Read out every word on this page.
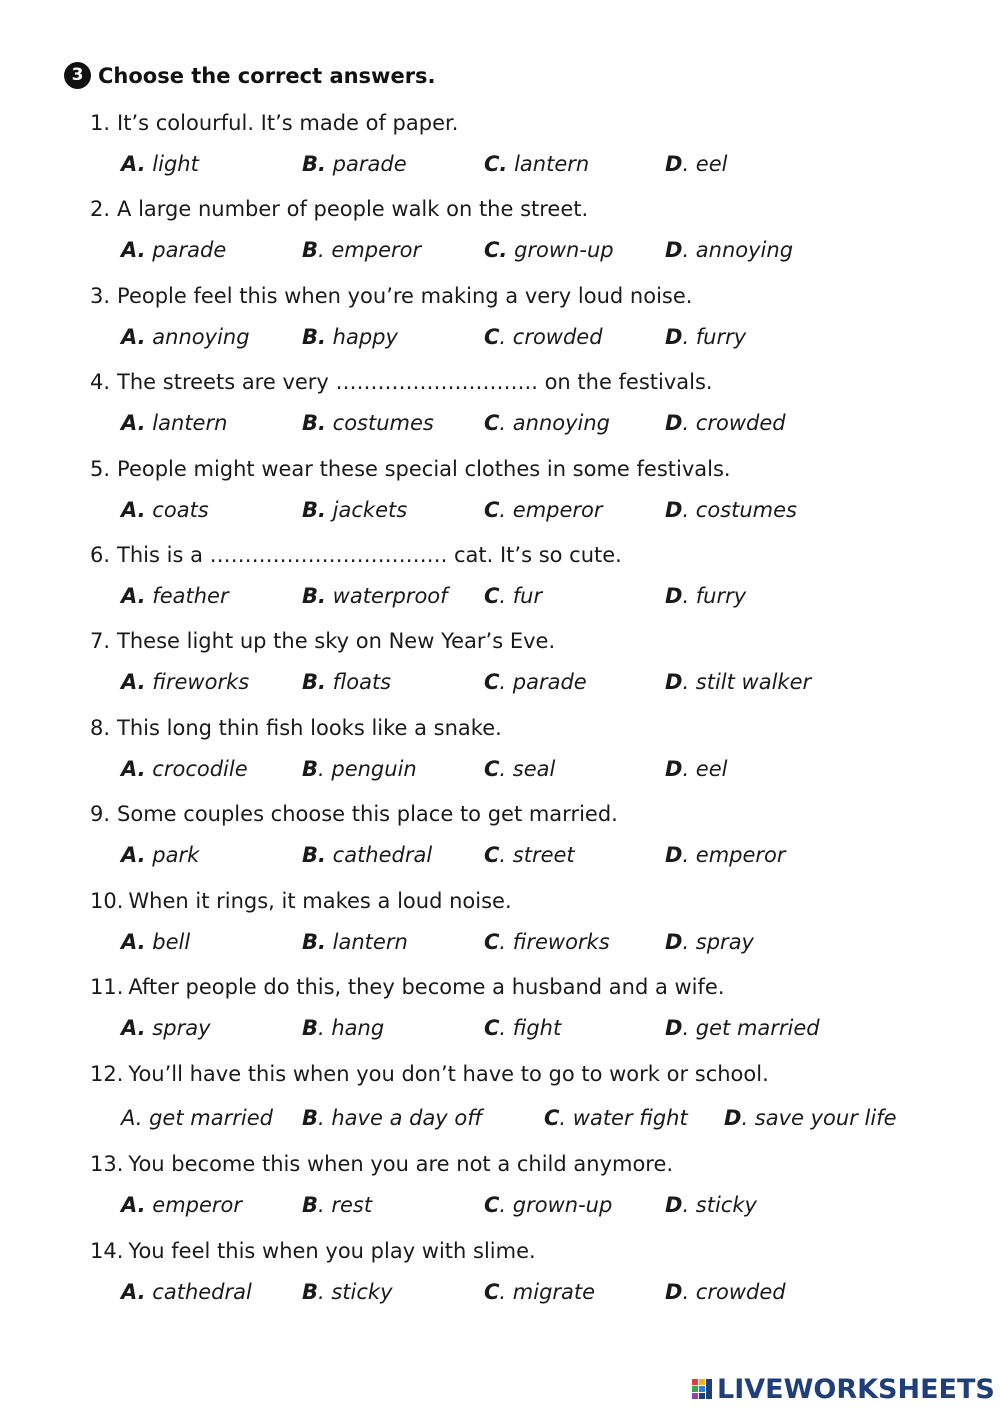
3 Choose the correct answers.
1. It’s colourful. It’s made of paper.
A. light	B. parade	C. lantern	D. eel
2. A large number of people walk on the street.
A. parade	B. emperor	C. grown-up D. annoying
3. People feel this when you’re making a very loud noise.
A. annoying B. happy	C. crowded	D. furry
4. The streets are very ……………………….. on the festivals.
A. lantern	B. costumes C. annoying	D. crowded
5. People might wear these special clothes in some festivals.
A. coats	B. jackets	C. emperor	D. costumes
6. This is a ……………………………. cat. It’s so cute.
A. feather	B. waterproof C. fur	D. furry
7. These light up the sky on New Year’s Eve.
A. fireworks	B. floats	C. parade	D. stilt walker
8. This long thin fish looks like a snake.
A. crocodile	B. penguin	C. seal	D. eel
9. Some couples choose this place to get married.
A. park	B. cathedral C. street	D. emperor
10. When it rings, it makes a loud noise.
A. bell	B. lantern	C. fireworks	D. spray
11. After people do this, they become a husband and a wife.
A. spray	B. hang	C. fight	D. get married
12. You’ll have this when you don’t have to go to work or school.
A. get married B. have a day off	C. water fight D. save your life
13. You become this when you are not a child anymore.
A. emperor	B. rest	C. grown-up	D. sticky
14. You feel this when you play with slime.
A. cathedral B. sticky	C. migrate	D. crowded
LIVEWORKSHEETS
